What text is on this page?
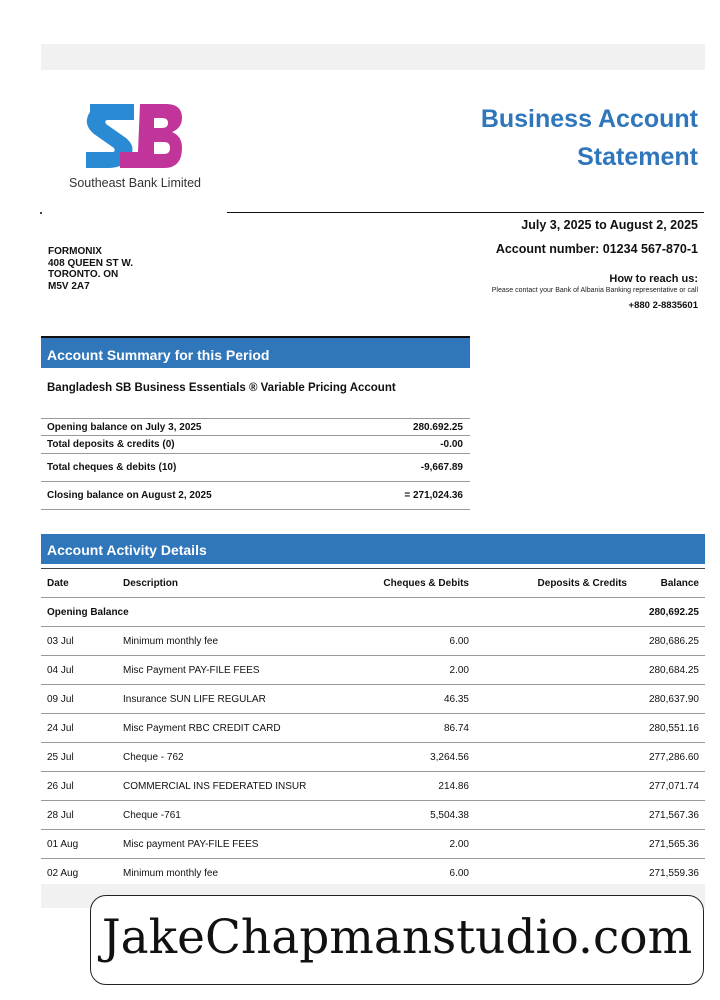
Southeast Bank Limited
Business Account
Statement
July 3, 2025 to August 2, 2025
Account number: 01234 567-870-1
How to reach us:
Please contact your Bank of Albania Banking representative or call
+880 2-8835601
FORMONIX
408 QUEEN ST W.
TORONTO. ON
M5V 2A7
Account Summary for this Period
Bangladesh SB Business Essentials ® Variable Pricing Account
Opening balance on July 3, 2025	280.692.25
Total deposits & credits (0)	-0.00
Total cheques & debits (10)	-9,667.89
Closing balance on August 2, 2025	= 271,024.36
Account Activity Details
Date	Description	Cheques & Debits	Deposits & Credits	Balance
Opening Balance				280,692.25
03 Jul	Minimum monthly fee	6.00		280,686.25
04 Jul	Misc Payment PAY-FILE FEES	2.00		280,684.25
09 Jul	Insurance SUN LIFE REGULAR	46.35		280,637.90
24 Jul	Misc Payment RBC CREDIT CARD	86.74		280,551.16
25 Jul	Cheque - 762	3,264.56		277,286.60
26 Jul	COMMERCIAL INS FEDERATED INSUR	214.86		277,071.74
28 Jul	Cheque -761	5,504.38		271,567.36
01 Aug	Misc payment PAY-FILE FEES	2.00		271,565.36
02 Aug	Minimum monthly fee	6.00		271,559.36
JakeChapmanstudio.com
